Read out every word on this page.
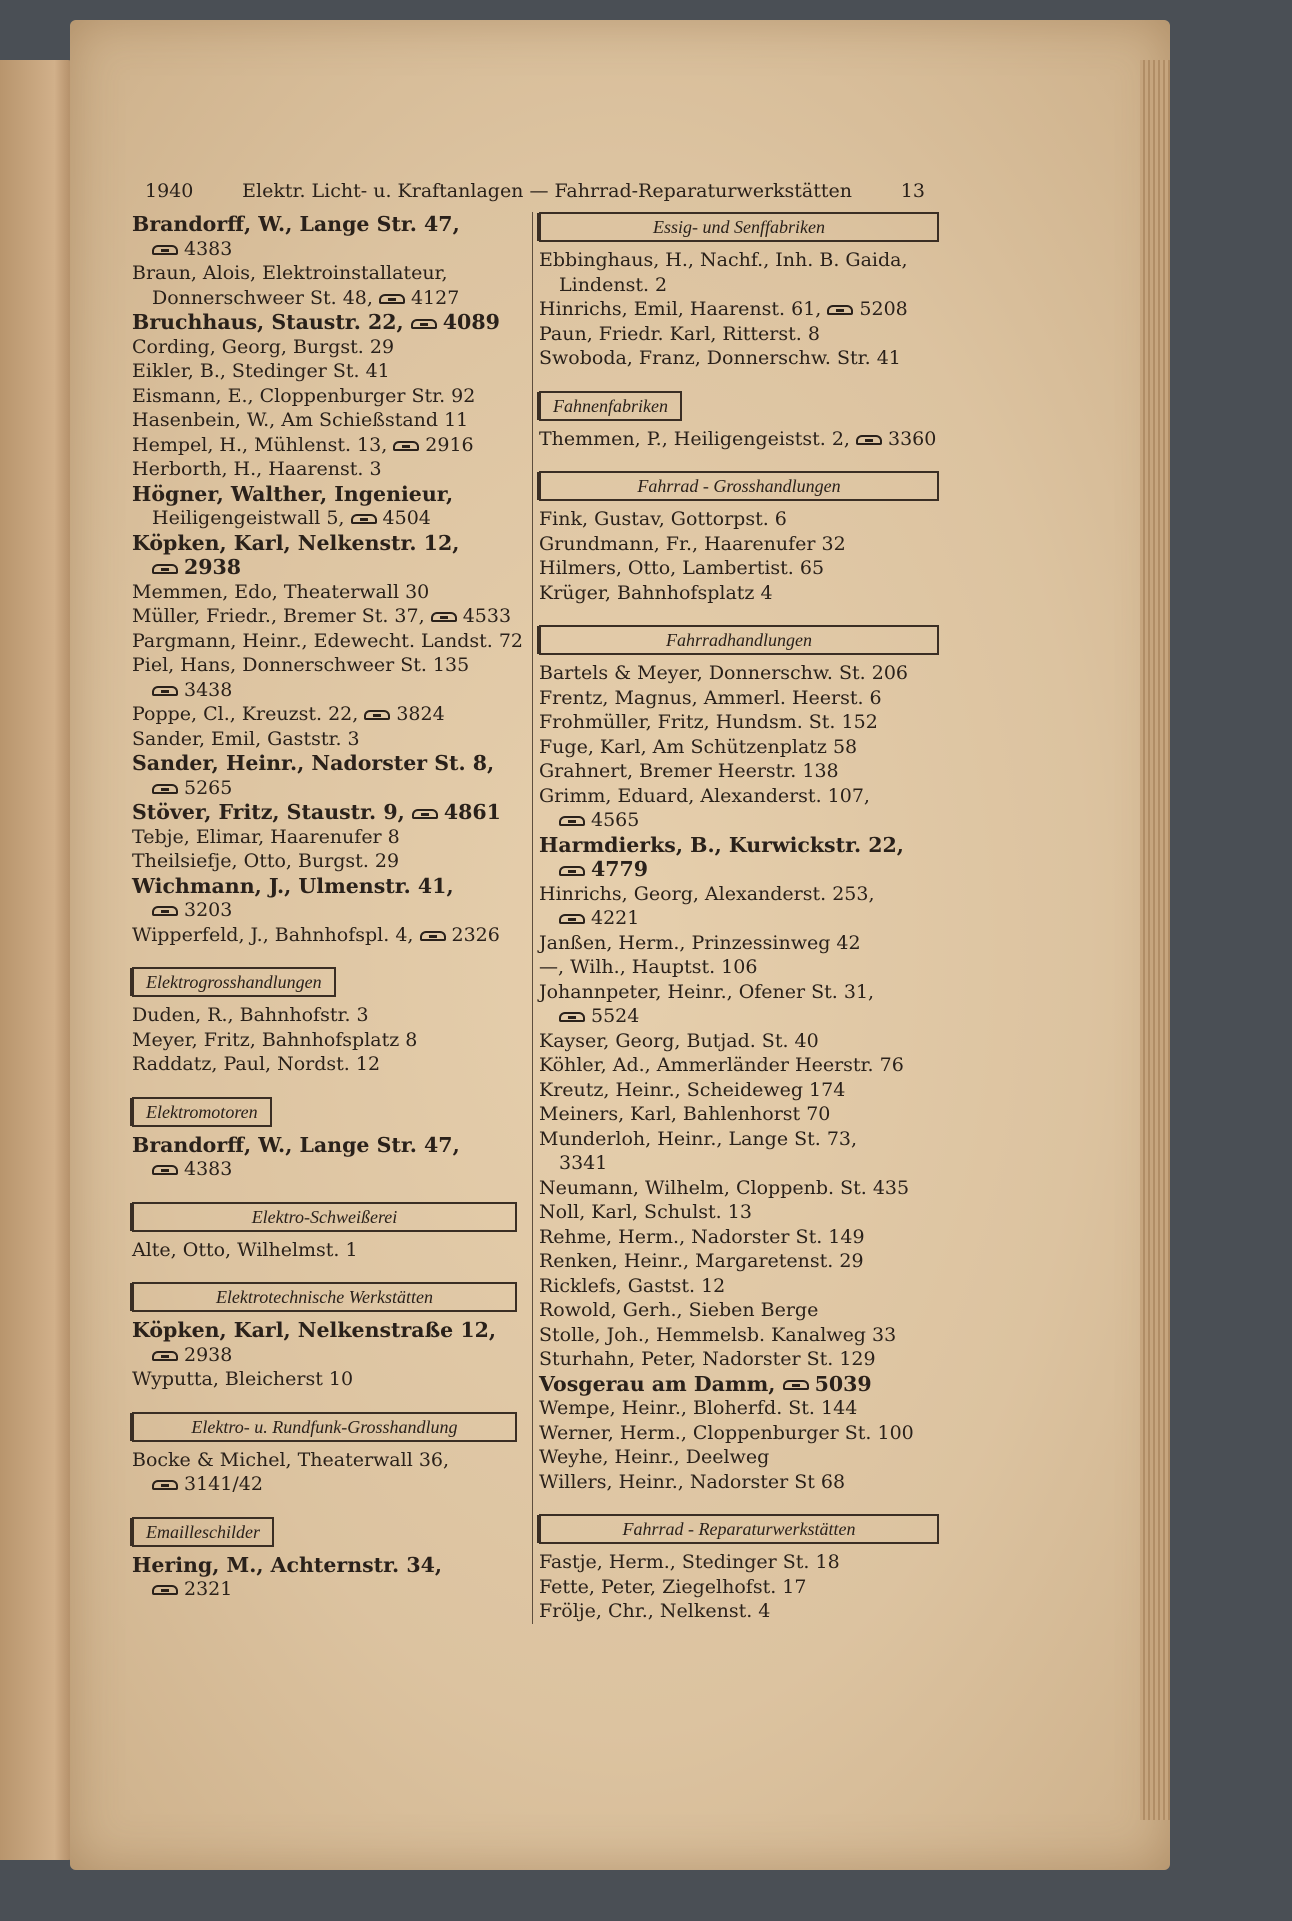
1940	Elektr. Licht- u. Kraftanlagen — Fahrrad-Reparaturwerkstätten	13
Brandorff, W., Lange Str. 47,
4383
Braun, Alois, Elektroinstallateur,
Donnerschweer St. 48, 4127
Bruchhaus, Staustr. 22, 4089
Cording, Georg, Burgst. 29
Eikler, B., Stedinger St. 41
Eismann, E., Cloppenburger Str. 92
Hasenbein, W., Am Schießstand 11
Hempel, H., Mühlenst. 13, 2916
Herborth, H., Haarenst. 3
Högner, Walther, Ingenieur,
Heiligengeistwall 5, 4504
Köpken, Karl, Nelkenstr. 12,
2938
Memmen, Edo, Theaterwall 30
Müller, Friedr., Bremer St. 37, 4533
Pargmann, Heinr., Edewecht. Landst. 72
Piel, Hans, Donnerschweer St. 135
3438
Poppe, Cl., Kreuzst. 22, 3824
Sander, Emil, Gaststr. 3
Sander, Heinr., Nadorster St. 8,
5265
Stöver, Fritz, Staustr. 9, 4861
Tebje, Elimar, Haarenufer 8
Theilsiefje, Otto, Burgst. 29
Wichmann, J., Ulmenstr. 41,
3203
Wipperfeld, J., Bahnhofspl. 4, 2326
Elektrogrosshandlungen
Duden, R., Bahnhofstr. 3
Meyer, Fritz, Bahnhofsplatz 8
Raddatz, Paul, Nordst. 12
Elektromotoren
Brandorff, W., Lange Str. 47,
4383
Elektro-Schweißerei
Alte, Otto, Wilhelmst. 1
Elektrotechnische Werkstätten
Köpken, Karl, Nelkenstraße 12,
2938
Wyputta, Bleicherst 10
Elektro- u. Rundfunk-Grosshandlung
Bocke & Michel, Theaterwall 36,
3141/42
Emailleschilder
Hering, M., Achternstr. 34,
2321
Essig- und Senffabriken
Ebbinghaus, H., Nachf., Inh. B. Gaida,
Lindenst. 2
Hinrichs, Emil, Haarenst. 61, 5208
Paun, Friedr. Karl, Ritterst. 8
Swoboda, Franz, Donnerschw. Str. 41
Fahnenfabriken
Themmen, P., Heiligengeistst. 2, 3360
Fahrrad - Grosshandlungen
Fink, Gustav, Gottorpst. 6
Grundmann, Fr., Haarenufer 32
Hilmers, Otto, Lambertist. 65
Krüger, Bahnhofsplatz 4
Fahrradhandlungen
Bartels & Meyer, Donnerschw. St. 206
Frentz, Magnus, Ammerl. Heerst. 6
Frohmüller, Fritz, Hundsm. St. 152
Fuge, Karl, Am Schützenplatz 58
Grahnert, Bremer Heerstr. 138
Grimm, Eduard, Alexanderst. 107,
4565
Harmdierks, B., Kurwickstr. 22,
4779
Hinrichs, Georg, Alexanderst. 253,
4221
Janßen, Herm., Prinzessinweg 42
—, Wilh., Hauptst. 106
Johannpeter, Heinr., Ofener St. 31,
5524
Kayser, Georg, Butjad. St. 40
Köhler, Ad., Ammerländer Heerstr. 76
Kreutz, Heinr., Scheideweg 174
Meiners, Karl, Bahlenhorst 70
Munderloh, Heinr., Lange St. 73,
3341
Neumann, Wilhelm, Cloppenb. St. 435
Noll, Karl, Schulst. 13
Rehme, Herm., Nadorster St. 149
Renken, Heinr., Margaretenst. 29
Ricklefs, Gastst. 12
Rowold, Gerh., Sieben Berge
Stolle, Joh., Hemmelsb. Kanalweg 33
Sturhahn, Peter, Nadorster St. 129
Vosgerau am Damm, 5039
Wempe, Heinr., Bloherfd. St. 144
Werner, Herm., Cloppenburger St. 100
Weyhe, Heinr., Deelweg
Willers, Heinr., Nadorster St 68
Fahrrad - Reparaturwerkstätten
Fastje, Herm., Stedinger St. 18
Fette, Peter, Ziegelhofst. 17
Frölje, Chr., Nelkenst. 4
